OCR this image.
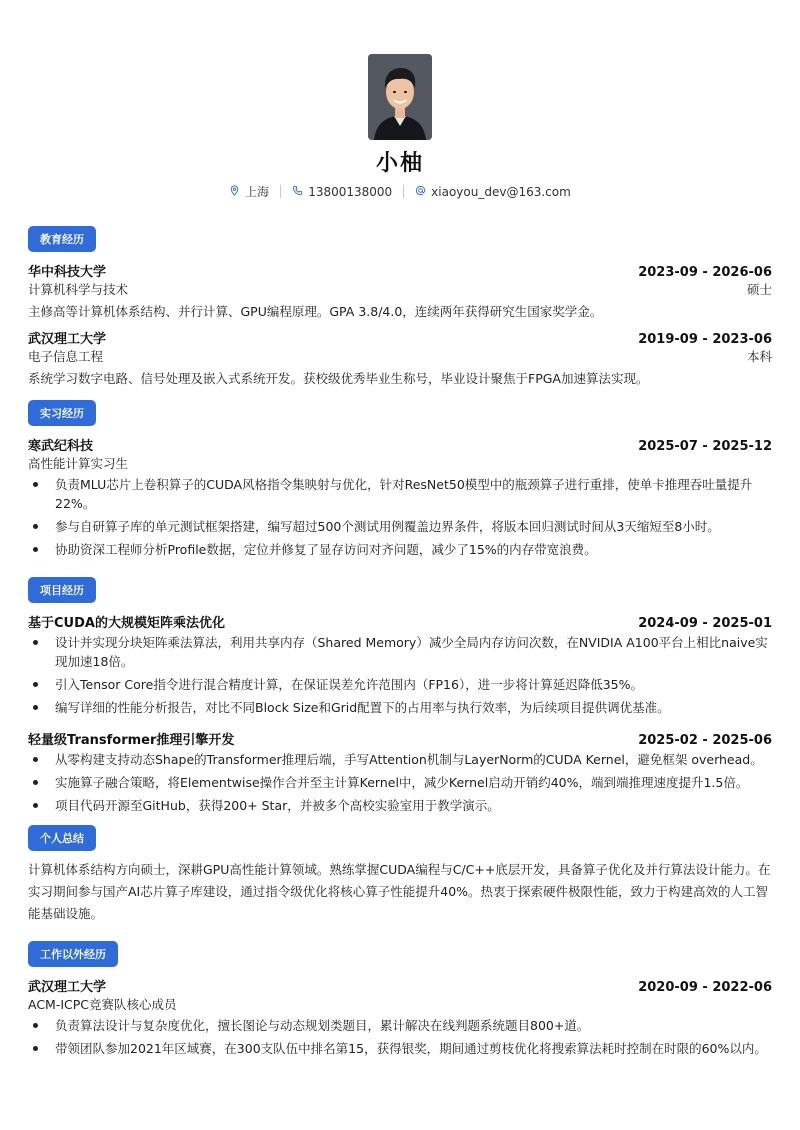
小柚
上海	13800138000	xiaoyou_dev@163.com
教育经历
华中科技大学	2023-09 - 2026-06
计算机科学与技术	硕士
主修高等计算机体系结构、并行计算、GPU编程原理。GPA 3.8/4.0，连续两年获得研究生国家奖学金。
武汉理工大学	2019-09 - 2023-06
电子信息工程	本科
系统学习数字电路、信号处理及嵌入式系统开发。获校级优秀毕业生称号，毕业设计聚焦于FPGA加速算法实现。
实习经历
寒武纪科技	2025-07 - 2025-12
高性能计算实习生
负责MLU芯片上卷积算子的CUDA风格指令集映射与优化，针对ResNet50模型中的瓶颈算子进行重排，使单卡推理吞吐量提升22%。
参与自研算子库的单元测试框架搭建，编写超过500个测试用例覆盖边界条件，将版本回归测试时间从3天缩短至8小时。
协助资深工程师分析Profile数据，定位并修复了显存访问对齐问题，减少了15%的内存带宽浪费。
项目经历
基于CUDA的大规模矩阵乘法优化	2024-09 - 2025-01
设计并实现分块矩阵乘法算法，利用共享内存（Shared Memory）减少全局内存访问次数，在NVIDIA A100平台上相比naive实现加速18倍。
引入Tensor Core指令进行混合精度计算，在保证误差允许范围内（FP16），进一步将计算延迟降低35%。
编写详细的性能分析报告，对比不同Block Size和Grid配置下的占用率与执行效率，为后续项目提供调优基准。
轻量级Transformer推理引擎开发	2025-02 - 2025-06
从零构建支持动态Shape的Transformer推理后端，手写Attention机制与LayerNorm的CUDA Kernel，避免框架 overhead。
实施算子融合策略，将Elementwise操作合并至主计算Kernel中，减少Kernel启动开销约40%，端到端推理速度提升1.5倍。
项目代码开源至GitHub，获得200+ Star，并被多个高校实验室用于教学演示。
个人总结
计算机体系结构方向硕士，深耕GPU高性能计算领域。熟练掌握CUDA编程与C/C++底层开发，具备算子优化及并行算法设计能力。在实习期间参与国产AI芯片算子库建设，通过指令级优化将核心算子性能提升40%。热衷于探索硬件极限性能，致力于构建高效的人工智能基础设施。
工作以外经历
武汉理工大学	2020-09 - 2022-06
ACM-ICPC竞赛队核心成员
负责算法设计与复杂度优化，擅长图论与动态规划类题目，累计解决在线判题系统题目800+道。
带领团队参加2021年区域赛，在300支队伍中排名第15，获得银奖，期间通过剪枝优化将搜索算法耗时控制在时限的60%以内。
